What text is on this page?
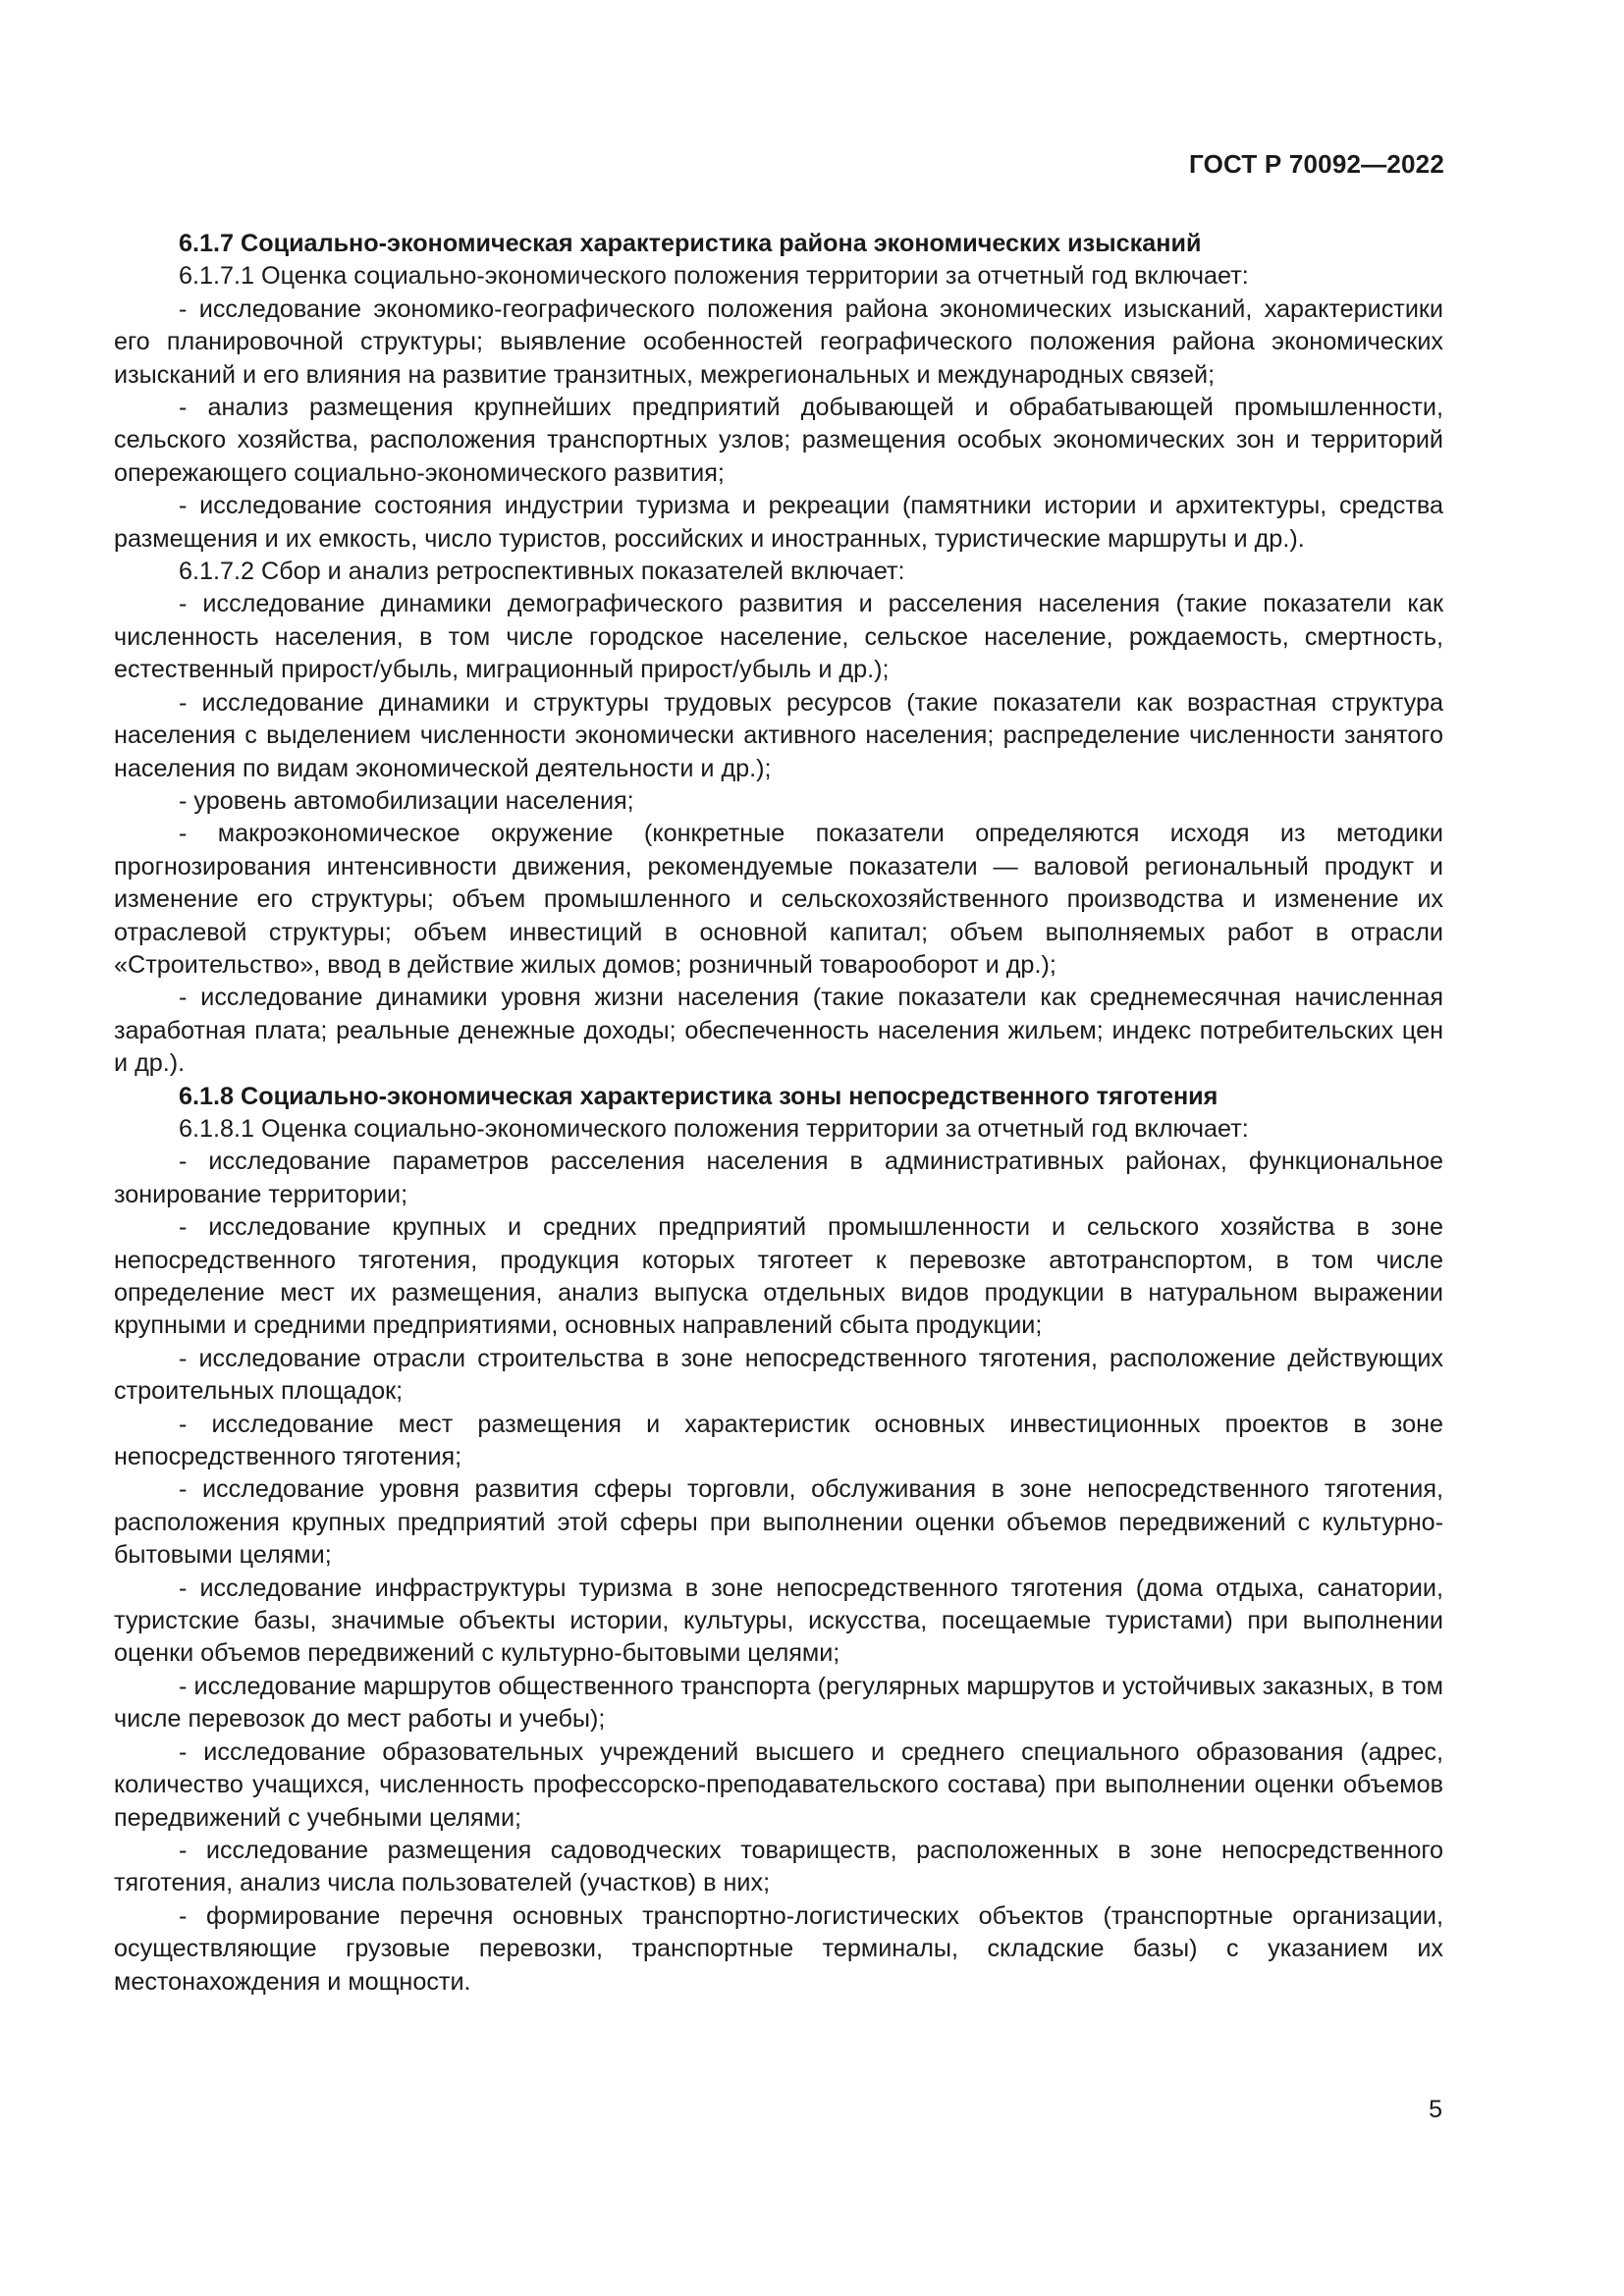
ГОСТ Р 70092—2022

6.1.7 Социально-экономическая характеристика района экономических изысканий

6.1.7.1 Оценка социально-экономического положения территории за отчетный год включает:

- исследование экономико-географического положения района экономических изысканий, характеристики его планировочной структуры; выявление особенностей географического положения района экономических изысканий и его влияния на развитие транзитных, межрегиональных и международных связей;

- анализ размещения крупнейших предприятий добывающей и обрабатывающей промышленности, сельского хозяйства, расположения транспортных узлов; размещения особых экономических зон и территорий опережающего социально-экономического развития;

- исследование состояния индустрии туризма и рекреации (памятники истории и архитектуры, средства размещения и их емкость, число туристов, российских и иностранных, туристические маршруты и др.).

6.1.7.2 Сбор и анализ ретроспективных показателей включает:

- исследование динамики демографического развития и расселения населения (такие показатели как численность населения, в том числе городское население, сельское население, рождаемость, смертность, естественный прирост/убыль, миграционный прирост/убыль и др.);

- исследование динамики и структуры трудовых ресурсов (такие показатели как возрастная структура населения с выделением численности экономически активного населения; распределение численности занятого населения по видам экономической деятельности и др.);

- уровень автомобилизации населения;

- макроэкономическое окружение (конкретные показатели определяются исходя из методики прогнозирования интенсивности движения, рекомендуемые показатели — валовой региональный продукт и изменение его структуры; объем промышленного и сельскохозяйственного производства и изменение их отраслевой структуры; объем инвестиций в основной капитал; объем выполняемых работ в отрасли «Строительство», ввод в действие жилых домов; розничный товарооборот и др.);

- исследование динамики уровня жизни населения (такие показатели как среднемесячная начисленная заработная плата; реальные денежные доходы; обеспеченность населения жильем; индекс потребительских цен и др.).

6.1.8 Социально-экономическая характеристика зоны непосредственного тяготения

6.1.8.1 Оценка социально-экономического положения территории за отчетный год включает:

- исследование параметров расселения населения в административных районах, функциональное зонирование территории;

- исследование крупных и средних предприятий промышленности и сельского хозяйства в зоне непосредственного тяготения, продукция которых тяготеет к перевозке автотранспортом, в том числе определение мест их размещения, анализ выпуска отдельных видов продукции в натуральном выражении крупными и средними предприятиями, основных направлений сбыта продукции;

- исследование отрасли строительства в зоне непосредственного тяготения, расположение действующих строительных площадок;

- исследование мест размещения и характеристик основных инвестиционных проектов в зоне непосредственного тяготения;

- исследование уровня развития сферы торговли, обслуживания в зоне непосредственного тяготения, расположения крупных предприятий этой сферы при выполнении оценки объемов передвижений с культурно-бытовыми целями;

- исследование инфраструктуры туризма в зоне непосредственного тяготения (дома отдыха, санатории, туристские базы, значимые объекты истории, культуры, искусства, посещаемые туристами) при выполнении оценки объемов передвижений с культурно-бытовыми целями;

- исследование маршрутов общественного транспорта (регулярных маршрутов и устойчивых заказных, в том числе перевозок до мест работы и учебы);

- исследование образовательных учреждений высшего и среднего специального образования (адрес, количество учащихся, численность профессорско-преподавательского состава) при выполнении оценки объемов передвижений с учебными целями;

- исследование размещения садоводческих товариществ, расположенных в зоне непосредственного тяготения, анализ числа пользователей (участков) в них;

- формирование перечня основных транспортно-логистических объектов (транспортные организации, осуществляющие грузовые перевозки, транспортные терминалы, складские базы) с указанием их местонахождения и мощности.

5
